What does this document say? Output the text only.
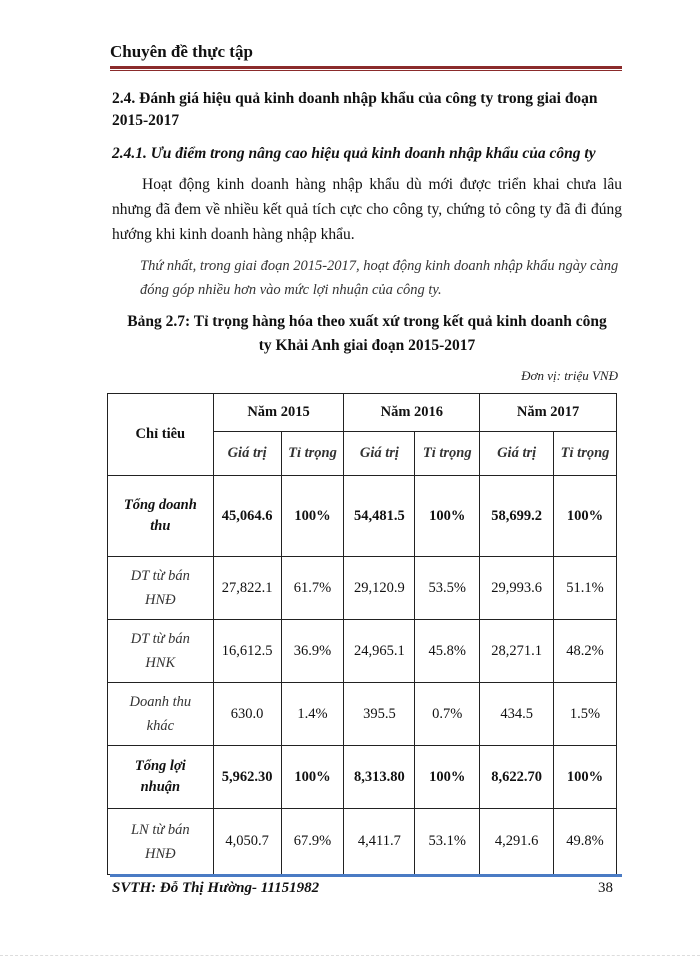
Chuyên đề thực tập
2.4. Đánh giá hiệu quả kinh doanh nhập khẩu của công ty trong giai đoạn 2015-2017
2.4.1. Ưu điểm trong nâng cao hiệu quả kinh doanh nhập khẩu của công ty
Hoạt động kinh doanh hàng nhập khẩu dù mới được triển khai chưa lâu nhưng đã đem về nhiều kết quả tích cực cho công ty, chứng tỏ công ty đã đi đúng hướng khi kinh doanh hàng nhập khẩu.
Thứ nhất, trong giai đoạn 2015-2017, hoạt động kinh doanh nhập khẩu ngày càng đóng góp nhiều hơn vào mức lợi nhuận của công ty.
Bảng 2.7: Tỉ trọng hàng hóa theo xuất xứ trong kết quả kinh doanh công
ty Khải Anh giai đoạn 2015-2017
Đơn vị: triệu VNĐ
Chỉ tiêu	Năm 2015		Năm 2016		Năm 2017	
	Giá trị	Tỉ trọng	Giá trị	Tỉ trọng	Giá trị	Tỉ trọng

Tổng doanh
thu	45,064.6	100%	54,481.5	100%	58,699.2	100%

DT từ bán
HNĐ	27,822.1	61.7%	29,120.9	53.5%	29,993.6	51.1%

DT từ bán
HNK	16,612.5	36.9%	24,965.1	45.8%	28,271.1	48.2%

Doanh thu
khác	630.0	1.4%	395.5	0.7%	434.5	1.5%

Tổng lợi
nhuận	5,962.30	100%	8,313.80	100%	8,622.70	100%

LN từ bán
HNĐ	4,050.7	67.9%	4,411.7	53.1%	4,291.6	49.8%
SVTH: Đỗ Thị Hường- 11151982	38
